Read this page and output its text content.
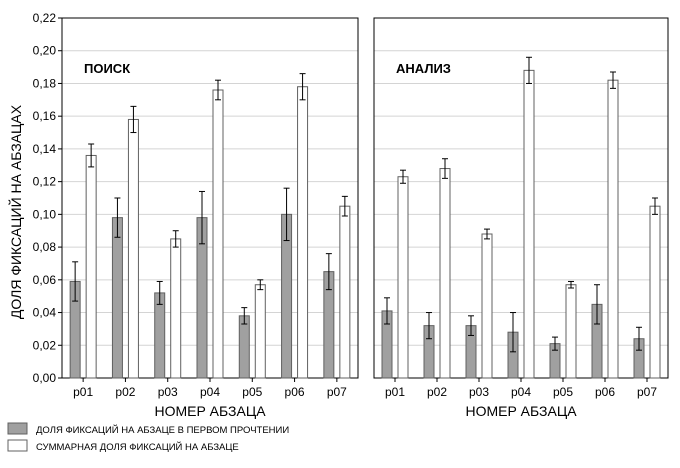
ДОЛЯ ФИКСАЦИЙ НА АБЗАЦАХ
0,00
0,02
0,04
0,06
0,08
0,10
0,12
0,14
0,16
0,18
0,20
0,22
ПОИСК
p01 p02 p03 p04 p05 p06 p07
НОМЕР АБЗАЦА
АНАЛИЗ
p01 p02 p03 p04 p05 p06 p07
НОМЕР АБЗАЦА
ДОЛЯ ФИКСАЦИЙ НА АБЗАЦЕ В ПЕРВОМ ПРОЧТЕНИИ
СУММАРНАЯ ДОЛЯ ФИКСАЦИЙ НА АБЗАЦЕ
